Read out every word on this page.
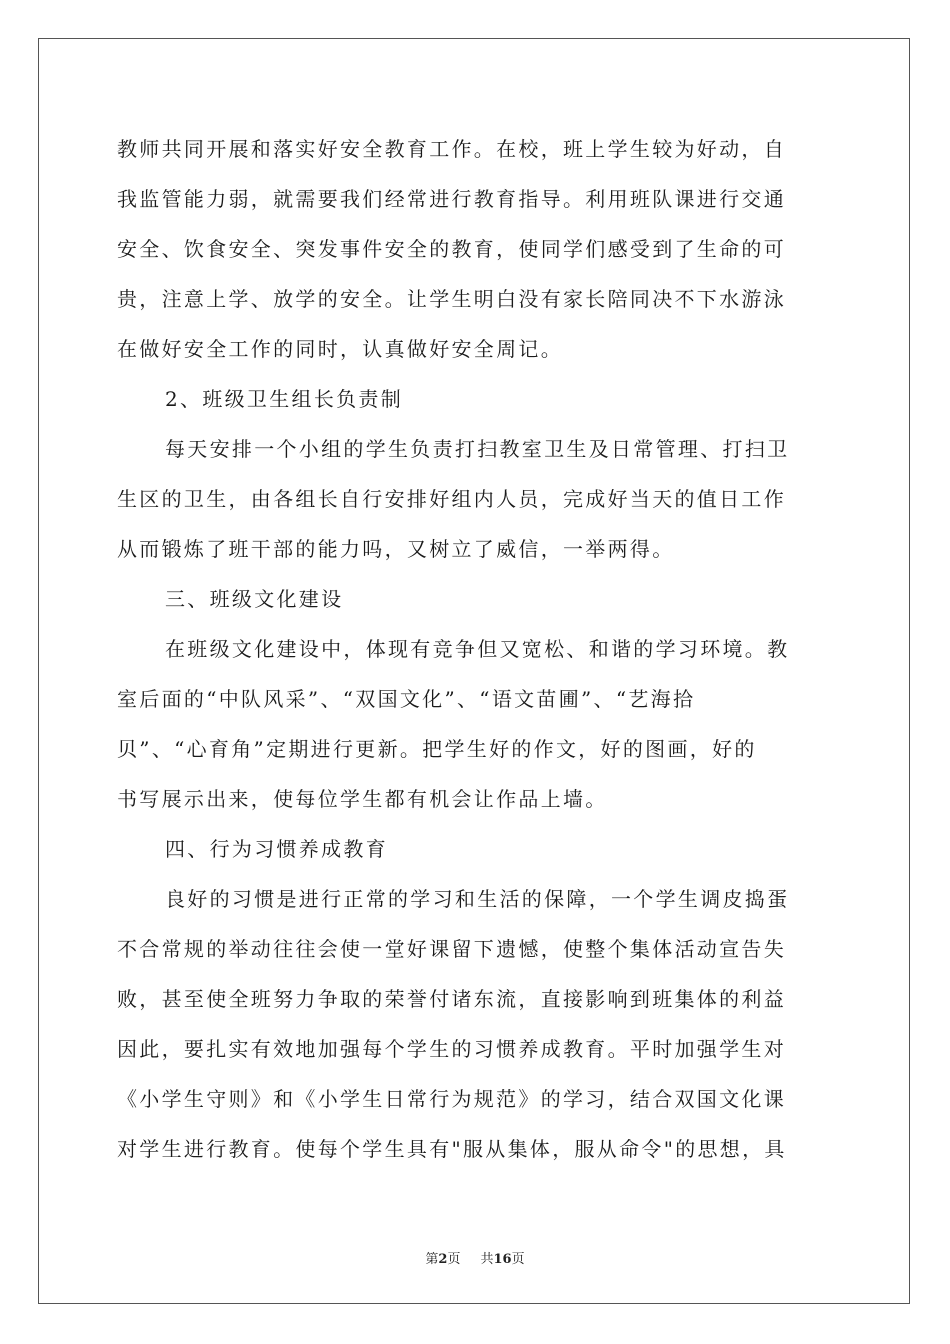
教师共同开展和落实好安全教育工作。在校，班上学生较为好动，自
我监管能力弱，就需要我们经常进行教育指导。利用班队课进行交通
安全、饮食安全、突发事件安全的教育，使同学们感受到了生命的可
贵，注意上学、放学的安全。让学生明白没有家长陪同决不下水游泳
在做好安全工作的同时，认真做好安全周记。
2、班级卫生组长负责制
每天安排一个小组的学生负责打扫教室卫生及日常管理、打扫卫
生区的卫生，由各组长自行安排好组内人员，完成好当天的值日工作
从而锻炼了班干部的能力吗，又树立了威信，一举两得。
三、班级文化建设
在班级文化建设中，体现有竞争但又宽松、和谐的学习环境。教
室后面的“中队风采”、“双国文化”、“语文苗圃”、“艺海拾
贝”、“心育角”定期进行更新。把学生好的作文，好的图画，好的
书写展示出来，使每位学生都有机会让作品上墙。
四、行为习惯养成教育
良好的习惯是进行正常的学习和生活的保障，一个学生调皮捣蛋
不合常规的举动往往会使一堂好课留下遗憾，使整个集体活动宣告失
败，甚至使全班努力争取的荣誉付诸东流，直接影响到班集体的利益
因此，要扎实有效地加强每个学生的习惯养成教育。平时加强学生对
《小学生守则》和《小学生日常行为规范》的学习，结合双国文化课
对学生进行教育。使每个学生具有"服从集体，服从命令"的思想，具
第2页 共16页
